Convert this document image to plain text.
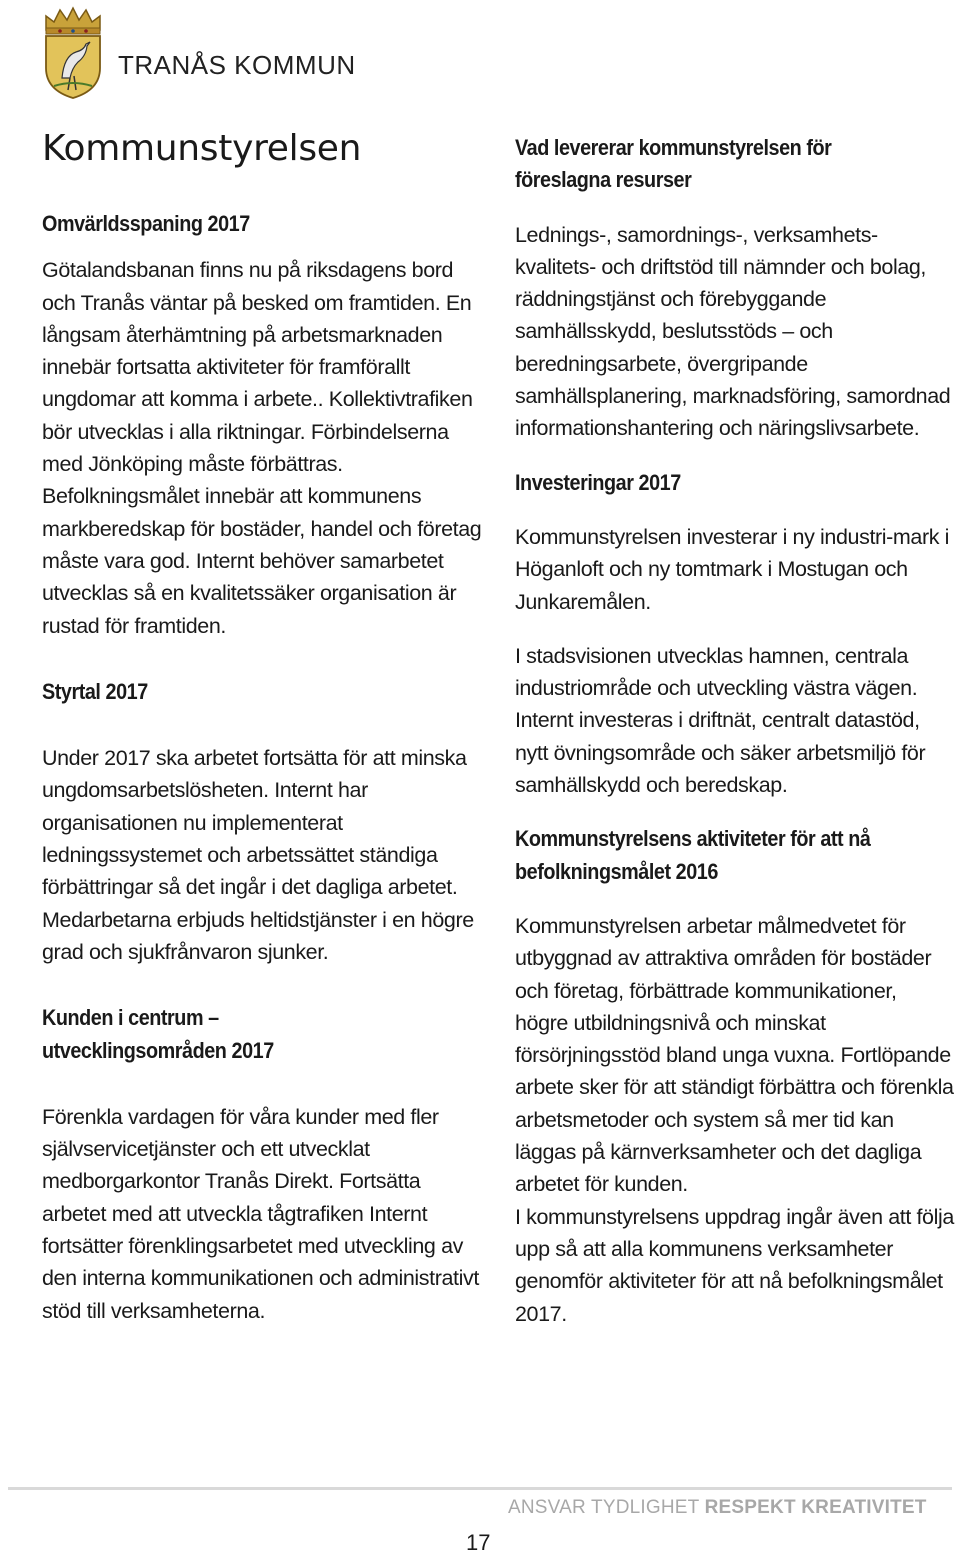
TRANÅS KOMMUN
Kommunstyrelsen
Omvärldsspaning 2017

Götalandsbanan finns nu på riksdagens bord och Tranås väntar på besked om framtiden. En långsam återhämtning på arbetsmarknaden innebär fortsatta aktiviteter för framförallt ungdomar att komma i arbete.. Kollektivtrafiken bör utvecklas i alla riktningar. Förbindelserna med Jönköping måste förbättras. Befolkningsmålet innebär att kommunens markberedskap för bostäder, handel och företag måste vara god. Internt behöver samarbetet utvecklas så en kvalitetssäker organisation är rustad för framtiden.

Styrtal 2017

Under 2017 ska arbetet fortsätta för att minska ungdomsarbetslösheten. Internt har organisationen nu implementerat ledningssystemet och arbetssättet ständiga förbättringar så det ingår i det dagliga arbetet. Medarbetarna erbjuds heltidstjänster i en högre grad och sjukfrånvaron sjunker.

Kunden i centrum –
utvecklingsområden 2017

Förenkla vardagen för våra kunder med fler självservicetjänster och ett utvecklat medborgarkontor Tranås Direkt. Fortsätta arbetet med att utveckla tågtrafiken Internt fortsätter förenklingsarbetet med utveckling av den interna kommunikationen och administrativt stöd till verksamheterna.

Vad levererar kommunstyrelsen för
föreslagna resurser

Lednings-, samordnings-, verksamhets-kvalitets- och driftstöd till nämnder och bolag, räddningstjänst och förebyggande samhällsskydd, beslutsstöds – och beredningsarbete, övergripande samhällsplanering, marknadsföring, samordnad informationshantering och näringslivsarbete.

Investeringar 2017

Kommunstyrelsen investerar i ny industri-mark i Höganloft och ny tomtmark i Mostugan och Junkaremålen.

I stadsvisionen utvecklas hamnen, centrala industriområde och utveckling västra vägen. Internt investeras i driftnät, centralt datastöd, nytt övningsområde och säker arbetsmiljö för samhällskydd och beredskap.

Kommunstyrelsens aktiviteter för att nå
befolkningsmålet 2016

Kommunstyrelsen arbetar målmedvetet för utbyggnad av attraktiva områden för bostäder och företag, förbättrade kommunikationer, högre utbildningsnivå och minskat försörjningsstöd bland unga vuxna. Fortlöpande arbete sker för att ständigt förbättra och förenkla arbetsmetoder och system så mer tid kan läggas på kärnverksamheter och det dagliga arbetet för kunden.

I kommunstyrelsens uppdrag ingår även att följa upp så att alla kommunens verksamheter genomför aktiviteter för att nå befolkningsmålet 2017.

ANSVAR TYDLIGHET RESPEKT KREATIVITET
17
